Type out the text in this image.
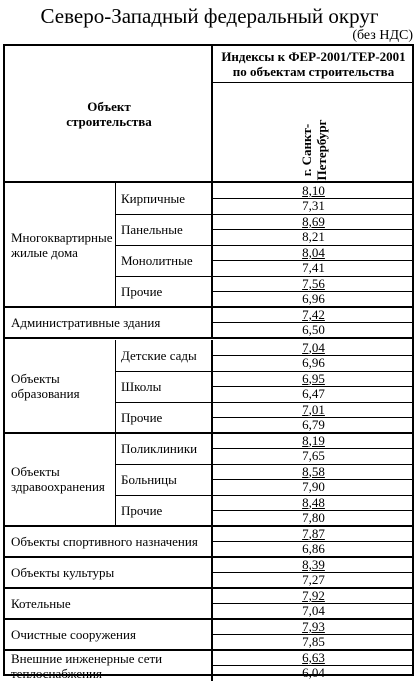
Северо-Западный федеральный округ
(без НДС)
Объект строительства
Индексы к ФЕР-2001/ТЕР-2001 по объектам строительства
г. Санкт-Петербург
Многоквартирные жилые дома
Кирпичные
8,10
7,31
Панельные
8,69
8,21
Монолитные
8,04
7,41
Прочие
7,56
6,96
Административные здания
7,42
6,50
Объекты образования
Детские сады
7,04
6,96
Школы
6,95
6,47
Прочие
7,01
6,79
Объекты здравоохранения
Поликлиники
8,19
7,65
Больницы
8,58
7,90
Прочие
8,48
7,80
Объекты спортивного назначения
7,87
6,86
Объекты культуры
8,39
7,27
Котельные
7,92
7,04
Очистные сооружения
7,93
7,85
Внешние инженерные сети теплоснабжения
6,63
6,04
